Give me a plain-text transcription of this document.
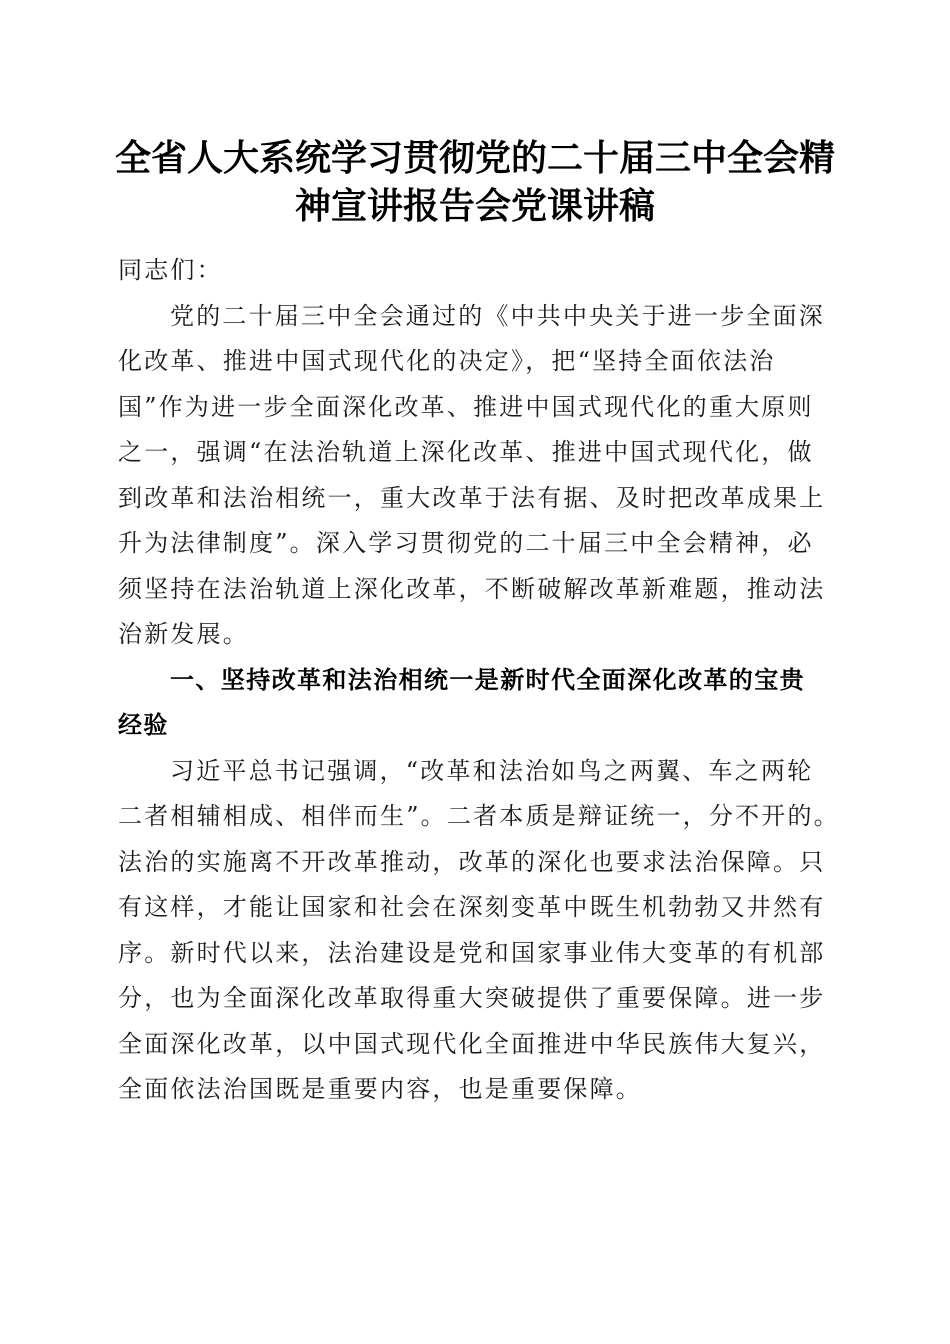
全省人大系统学习贯彻党的二十届三中全会精
神宣讲报告会党课讲稿
同志们：
党的二十届三中全会通过的《中共中央关于进一步全面深
化改革、推进中国式现代化的决定》，把“坚持全面依法治
国”作为进一步全面深化改革、推进中国式现代化的重大原则
之一，强调“在法治轨道上深化改革、推进中国式现代化，做
到改革和法治相统一，重大改革于法有据、及时把改革成果上
升为法律制度”。深入学习贯彻党的二十届三中全会精神，必
须坚持在法治轨道上深化改革，不断破解改革新难题，推动法
治新发展。
一、坚持改革和法治相统一是新时代全面深化改革的宝贵
经验
习近平总书记强调，“改革和法治如鸟之两翼、车之两轮
二者相辅相成、相伴而生”。二者本质是辩证统一，分不开的。
法治的实施离不开改革推动，改革的深化也要求法治保障。只
有这样，才能让国家和社会在深刻变革中既生机勃勃又井然有
序。新时代以来，法治建设是党和国家事业伟大变革的有机部
分，也为全面深化改革取得重大突破提供了重要保障。进一步
全面深化改革，以中国式现代化全面推进中华民族伟大复兴，
全面依法治国既是重要内容，也是重要保障。
